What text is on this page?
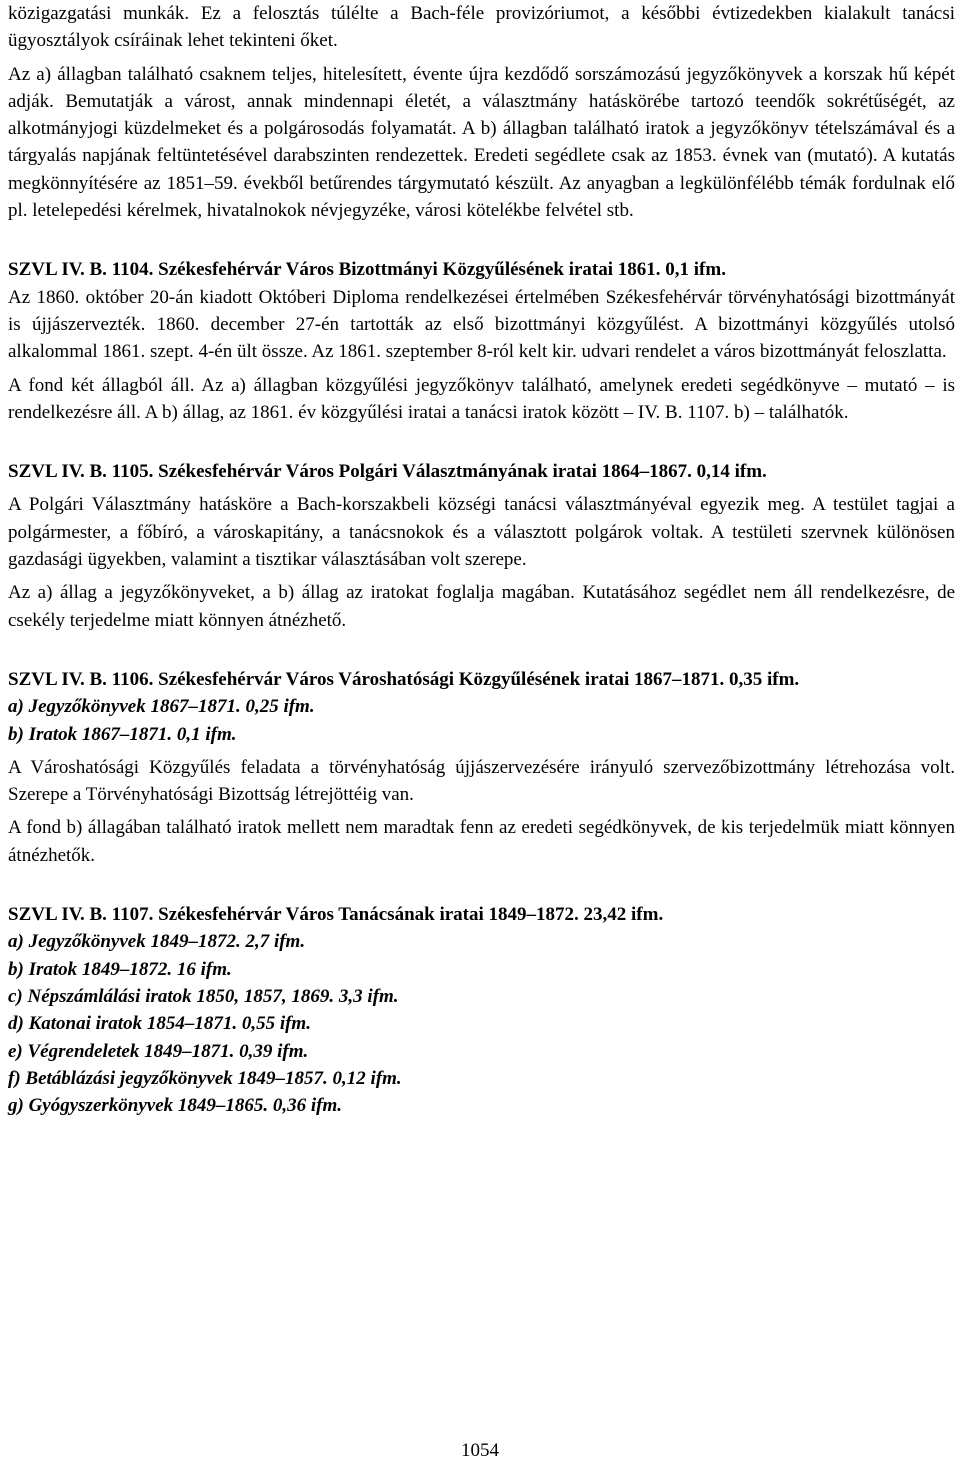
közigazgatási munkák. Ez a felosztás túlélte a Bach-féle provizóriumot, a későbbi évtizedekben kialakult tanácsi ügyosztályok csíráinak lehet tekinteni őket.

Az a) állagban található csaknem teljes, hitelesített, évente újra kezdődő sorszámozású jegyzőkönyvek a korszak hű képét adják. Bemutatják a várost, annak mindennapi életét, a választmány hatáskörébe tartozó teendők sokrétűségét, az alkotmányjogi küzdelmeket és a polgárosodás folyamatát. A b) állagban található iratok a jegyzőkönyv tételszámával és a tárgyalás napjának feltüntetésével darabszinten rendezettek. Eredeti segédlete csak az 1853. évnek van (mutató). A kutatás megkönnyítésére az 1851–59. évekből betűrendes tárgymutató készült. Az anyagban a legkülönfélébb témák fordulnak elő pl. letelepedési kérelmek, hivatalnokok névjegyzéke, városi kötelékbe felvétel stb.

SZVL IV. B. 1104. Székesfehérvár Város Bizottmányi Közgyűlésének iratai 1861. 0,1 ifm.

Az 1860. október 20-án kiadott Októberi Diploma rendelkezései értelmében Székesfehérvár törvényhatósági bizottmányát is újjászervezték. 1860. december 27-én tartották az első bizottmányi közgyűlést. A bizottmányi közgyűlés utolsó alkalommal 1861. szept. 4-én ült össze. Az 1861. szeptember 8-ról kelt kir. udvari rendelet a város bizottmányát feloszlatta.

A fond két állagból áll. Az a) állagban közgyűlési jegyzőkönyv található, amelynek eredeti segédkönyve – mutató – is rendelkezésre áll. A b) állag, az 1861. év közgyűlési iratai a tanácsi iratok között – IV. B. 1107. b) – találhatók.

SZVL IV. B. 1105. Székesfehérvár Város Polgári Választmányának iratai 1864–1867. 0,14 ifm.

A Polgári Választmány hatásköre a Bach-korszakbeli községi tanácsi választmányéval egyezik meg. A testület tagjai a polgármester, a főbíró, a városkapitány, a tanácsnokok és a választott polgárok voltak. A testületi szervnek különösen gazdasági ügyekben, valamint a tisztikar választásában volt szerepe.

Az a) állag a jegyzőkönyveket, a b) állag az iratokat foglalja magában. Kutatásához segédlet nem áll rendelkezésre, de csekély terjedelme miatt könnyen átnézhető.

SZVL IV. B. 1106. Székesfehérvár Város Városhatósági Közgyűlésének iratai 1867–1871. 0,35 ifm.

a) Jegyzőkönyvek 1867–1871. 0,25 ifm.

b) Iratok 1867–1871. 0,1 ifm.

A Városhatósági Közgyűlés feladata a törvényhatóság újjászervezésére irányuló szervezőbizottmány létrehozása volt. Szerepe a Törvényhatósági Bizottság létrejöttéig van.

A fond b) állagában található iratok mellett nem maradtak fenn az eredeti segédkönyvek, de kis terjedelmük miatt könnyen átnézhetők.

SZVL IV. B. 1107. Székesfehérvár Város Tanácsának iratai 1849–1872. 23,42 ifm.

a) Jegyzőkönyvek 1849–1872. 2,7 ifm.

b) Iratok 1849–1872. 16 ifm.

c) Népszámlálási iratok 1850, 1857, 1869. 3,3 ifm.

d) Katonai iratok 1854–1871. 0,55 ifm.

e) Végrendeletek 1849–1871. 0,39 ifm.

f) Betáblázási jegyzőkönyvek 1849–1857. 0,12 ifm.

g) Gyógyszerkönyvek 1849–1865. 0,36 ifm.

1054
